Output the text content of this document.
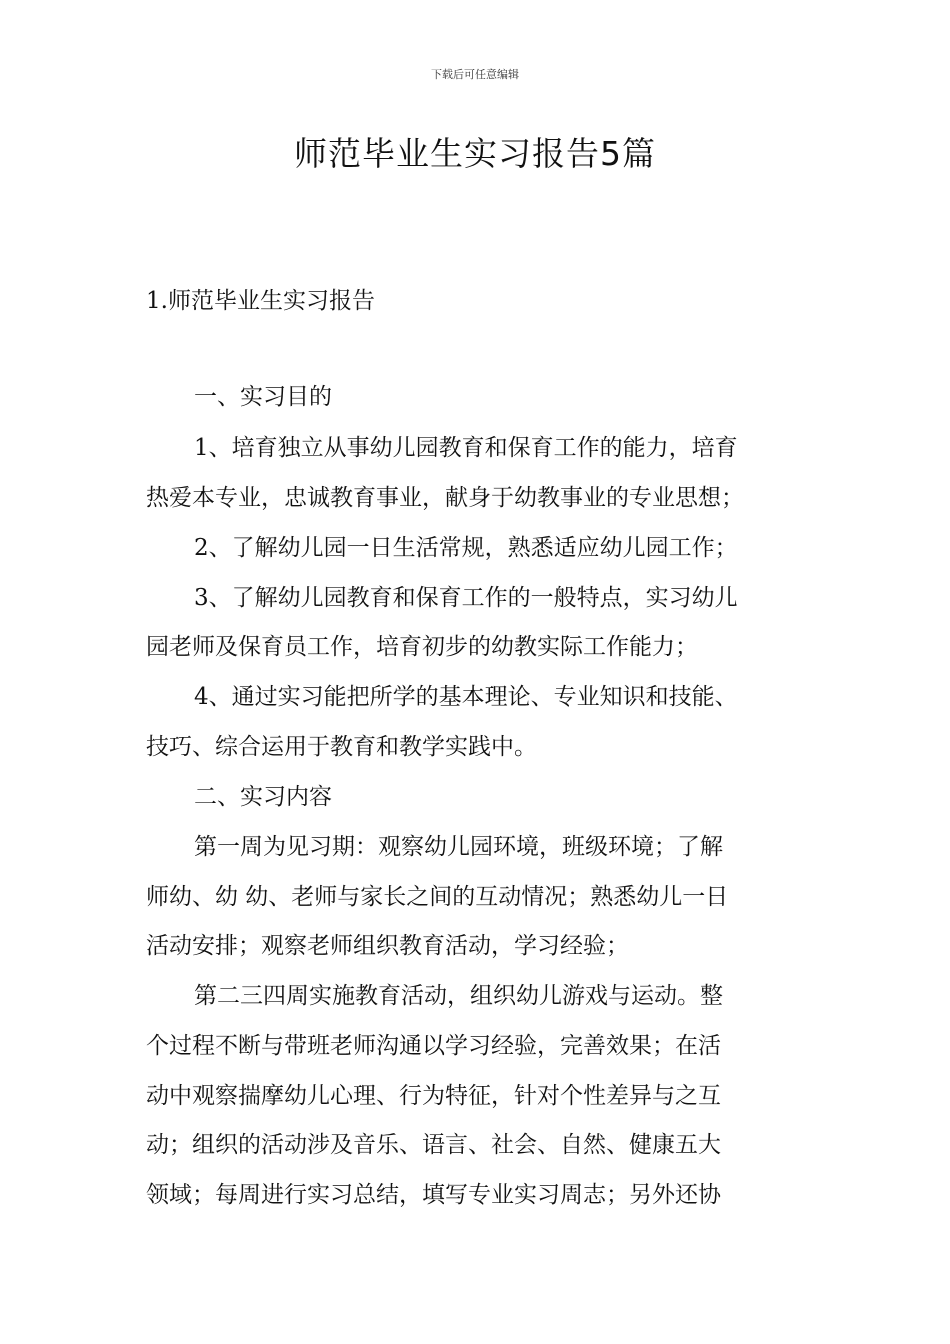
下载后可任意编辑
师范毕业生实习报告5篇
1.师范毕业生实习报告

一、实习目的

1、培育独立从事幼儿园教育和保育工作的能力，培育

热爱本专业，忠诚教育事业，献身于幼教事业的专业思想；

2、了解幼儿园一日生活常规，熟悉适应幼儿园工作；

3、了解幼儿园教育和保育工作的一般特点，实习幼儿

园老师及保育员工作，培育初步的幼教实际工作能力；

4、通过实习能把所学的基本理论、专业知识和技能、

技巧、综合运用于教育和教学实践中。

二、实习内容

第一周为见习期：观察幼儿园环境，班级环境；了解

师幼、幼 幼、老师与家长之间的互动情况；熟悉幼儿一日

活动安排；观察老师组织教育活动，学习经验；

第二三四周实施教育活动，组织幼儿游戏与运动。整

个过程不断与带班老师沟通以学习经验，完善效果；在活

动中观察揣摩幼儿心理、行为特征，针对个性差异与之互

动；组织的活动涉及音乐、语言、社会、自然、健康五大

领域；每周进行实习总结，填写专业实习周志；另外还协
